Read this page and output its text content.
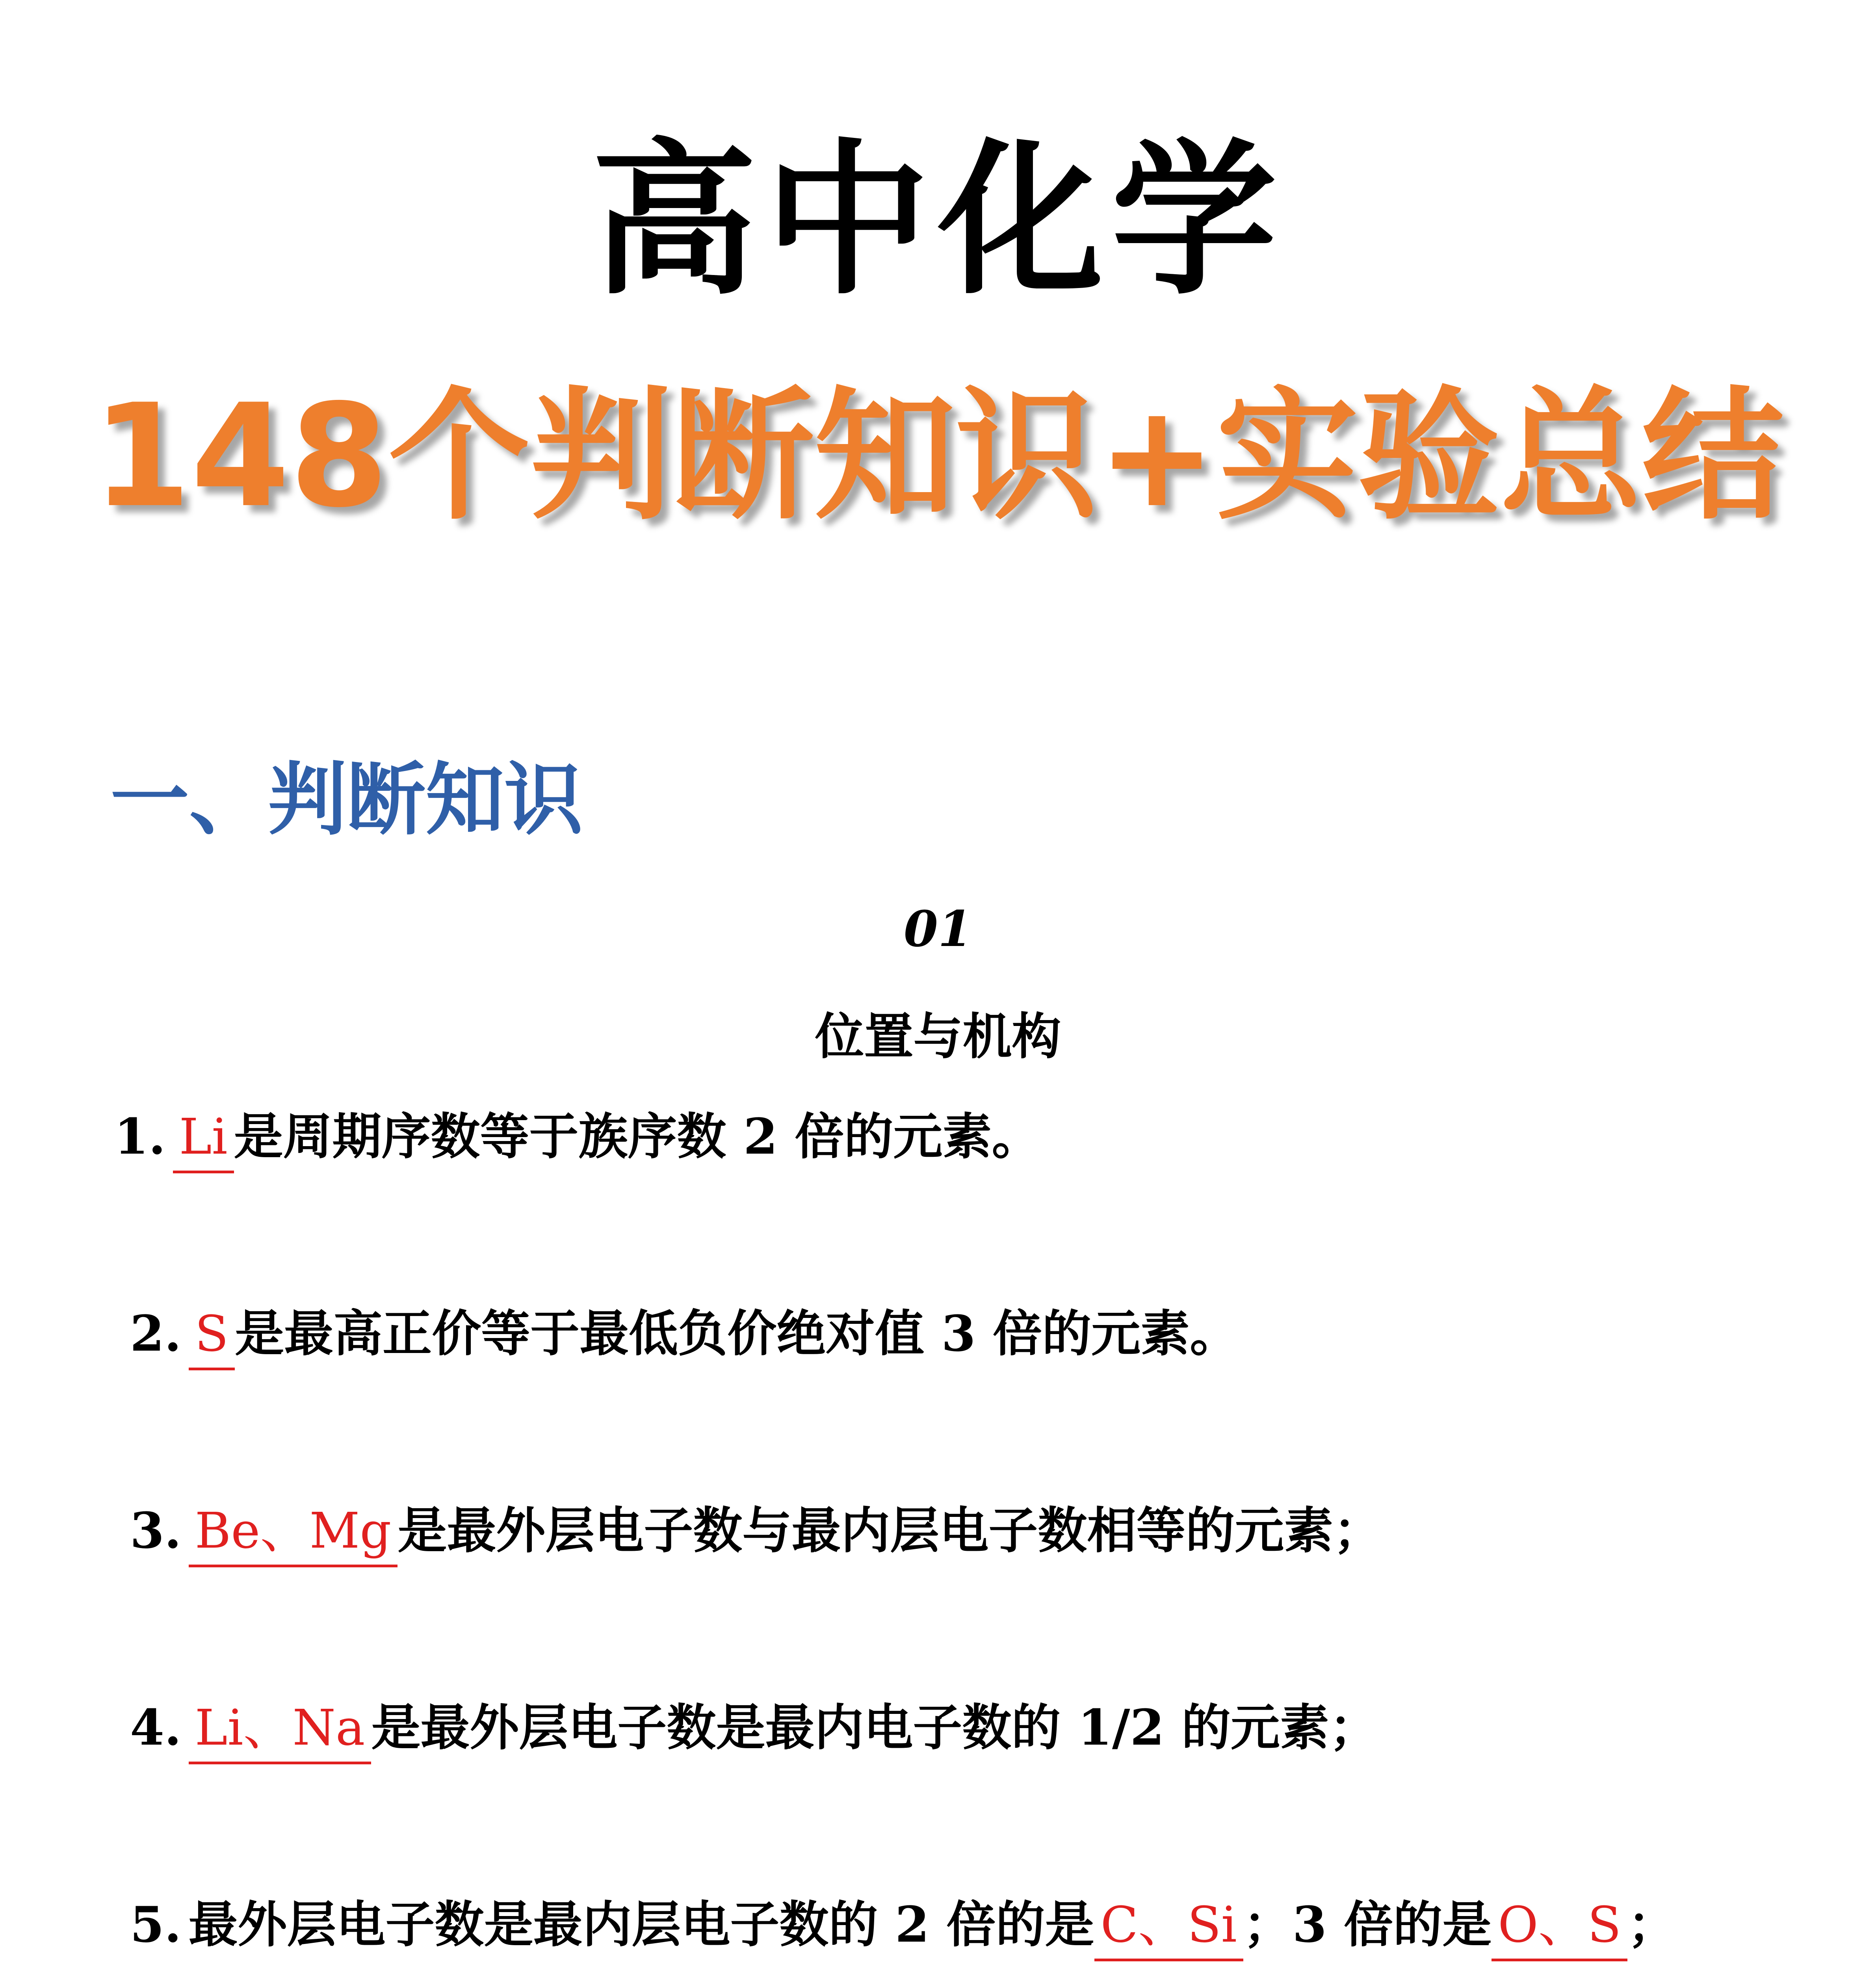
高中化学
148个判断知识+实验总结
一、判断知识
01
位置与机构
1. Li 是周期序数等于族序数 2 倍的元素。
2. S 是最高正价等于最低负价绝对值 3 倍的元素。
3. Be、Mg 是最外层电子数与最内层电子数相等的元素；
4. Li、Na 是最外层电子数是最内电子数的 1/2 的元素；
5. 最外层电子数是最内层电子数的 2 倍的是 C、Si ；3 倍的是 O、S ；
